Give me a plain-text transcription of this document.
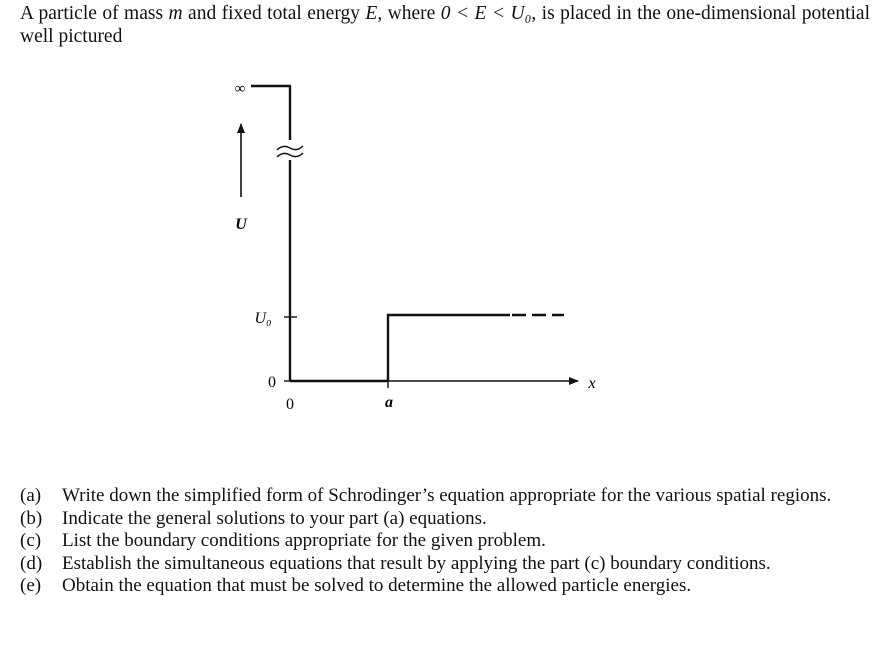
A particle of mass m and fixed total energy E, where 0 < E < U₀, is placed in the one-dimensional potential well pictured
∞
U
U₀
0
0	a
x
(a) Write down the simplified form of Schrodinger’s equation appropriate for the various spatial regions.
(b) Indicate the general solutions to your part (a) equations.
(c) List the boundary conditions appropriate for the given problem.
(d) Establish the simultaneous equations that result by applying the part (c) boundary conditions.
(e) Obtain the equation that must be solved to determine the allowed particle energies.
